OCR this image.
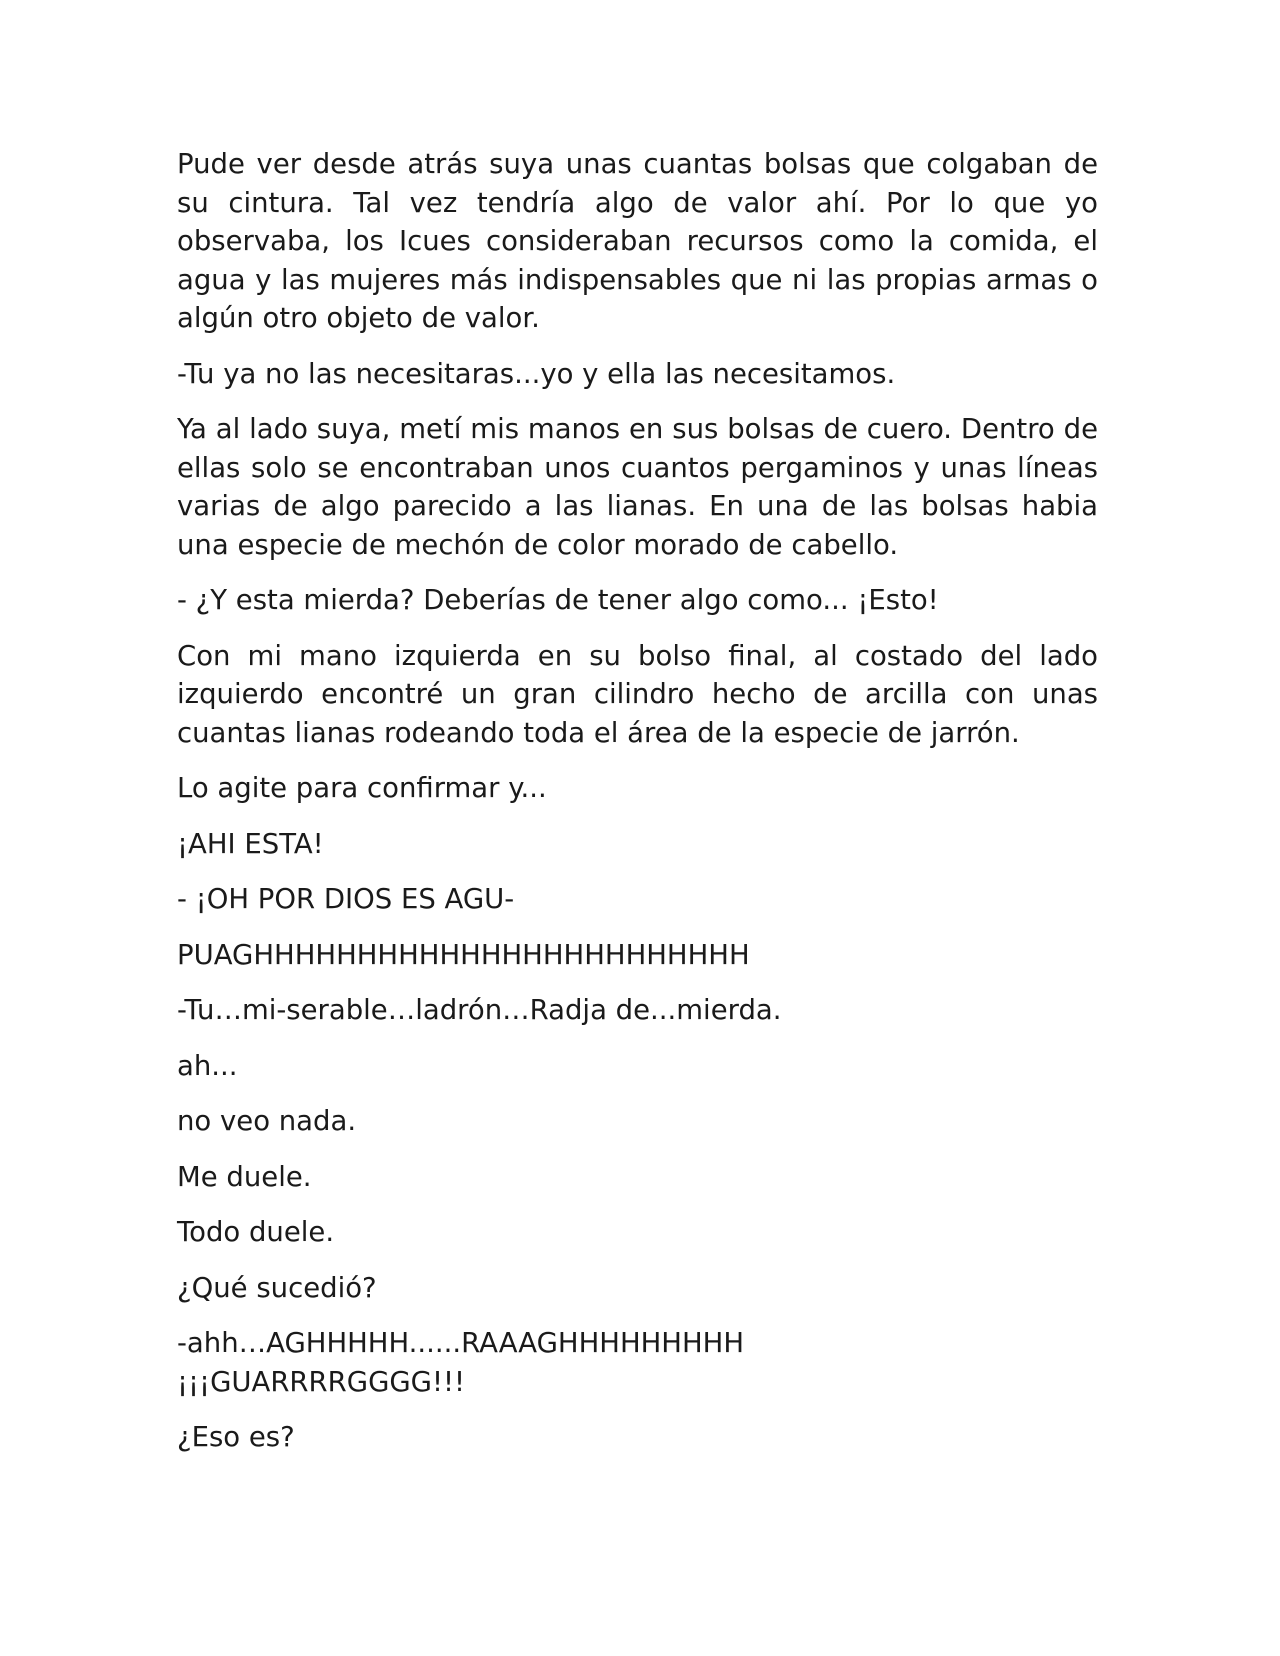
Pude ver desde atrás suya unas cuantas bolsas que colgaban de su cintura. Tal vez tendría algo de valor ahí. Por lo que yo observaba, los Icues consideraban recursos como la comida, el agua y las mujeres más indispensables que ni las propias armas o algún otro objeto de valor.

-Tu ya no las necesitaras...yo y ella las necesitamos.

Ya al lado suya, metí mis manos en sus bolsas de cuero. Dentro de ellas solo se encontraban unos cuantos pergaminos y unas líneas varias de algo parecido a las lianas. En una de las bolsas habia una especie de mechón de color morado de cabello.

- ¿Y esta mierda? Deberías de tener algo como... ¡Esto!

Con mi mano izquierda en su bolso final, al costado del lado izquierdo encontré un gran cilindro hecho de arcilla con unas cuantas lianas rodeando toda el área de la especie de jarrón.

Lo agite para confirmar y...

¡AHI ESTA!

- ¡OH POR DIOS ES AGU-

PUAGHHHHHHHHHHHHHHHHHHHHHHHH

-Tu…mi-serable…ladrón…Radja de...mierda.

ah...

no veo nada.

Me duele.

Todo duele.

¿Qué sucedió?

-ahh…AGHHHHH......RAAAGHHHHHHHHH ¡¡¡GUARRRRGGGG!!!

¿Eso es?
